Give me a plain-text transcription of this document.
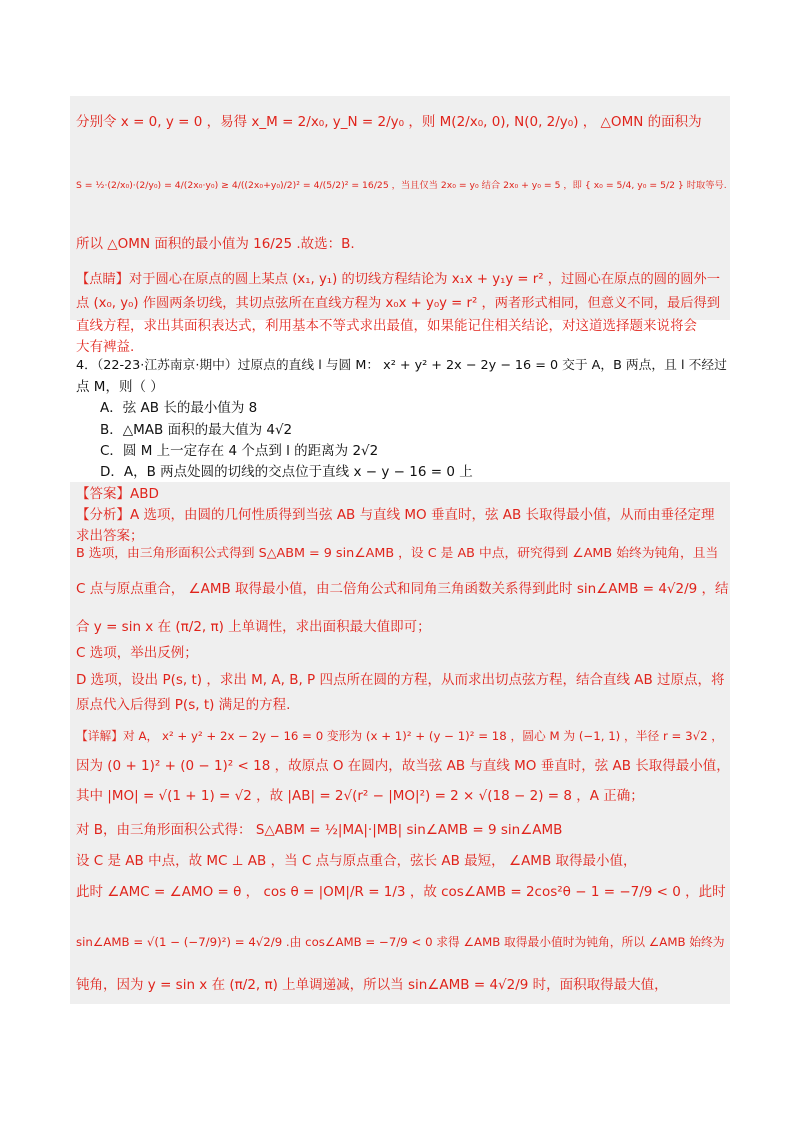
分别令 x = 0, y = 0 ，易得 x_M = 2/x₀, y_N = 2/y₀ ，则 M(2/x₀, 0), N(0, 2/y₀) ， △OMN 的面积为
S = ½·(2/x₀)·(2/y₀) = 4/(2x₀·y₀) ≥ 4/((2x₀+y₀)/2)² = 4/(5/2)² = 16/25 ，当且仅当 2x₀ = y₀ 结合 2x₀ + y₀ = 5 ，即 { x₀ = 5/4, y₀ = 5/2 } 时取等号.
所以 △OMN 面积的最小值为 16/25 .故选：B.
【点睛】对于圆心在原点的圆上某点 (x₁, y₁) 的切线方程结论为 x₁x + y₁y = r² ，过圆心在原点的圆的圆外一
点 (x₀, y₀) 作圆两条切线，其切点弦所在直线方程为 x₀x + y₀y = r² ，两者形式相同，但意义不同，最后得到
直线方程，求出其面积表达式，利用基本不等式求出最值，如果能记住相关结论，对这道选择题来说将会
大有裨益.
4．（22-23·江苏南京·期中）过原点的直线 l 与圆 M： x² + y² + 2x − 2y − 16 = 0 交于 A，B 两点，且 l 不经过
点 M，则（ ）
A．弦 AB 长的最小值为 8
B．△MAB 面积的最大值为 4√2
C．圆 M 上一定存在 4 个点到 l 的距离为 2√2
D．A，B 两点处圆的切线的交点位于直线 x − y − 16 = 0 上
【答案】ABD
【分析】A 选项，由圆的几何性质得到当弦 AB 与直线 MO 垂直时，弦 AB 长取得最小值，从而由垂径定理
求出答案；
B 选项，由三角形面积公式得到 S△ABM = 9 sin∠AMB ，设 C 是 AB 中点，研究得到 ∠AMB 始终为钝角，且当
C 点与原点重合， ∠AMB 取得最小值，由二倍角公式和同角三角函数关系得到此时 sin∠AMB = 4√2/9 ，结
合 y = sin x 在 (π/2, π) 上单调性，求出面积最大值即可；
C 选项，举出反例；
D 选项，设出 P(s, t) ，求出 M, A, B, P 四点所在圆的方程，从而求出切点弦方程，结合直线 AB 过原点，将
原点代入后得到 P(s, t) 满足的方程.
【详解】对 A， x² + y² + 2x − 2y − 16 = 0 变形为 (x + 1)² + (y − 1)² = 18 ，圆心 M 为 (−1, 1) ，半径 r = 3√2 ，
因为 (0 + 1)² + (0 − 1)² < 18 ，故原点 O 在圆内，故当弦 AB 与直线 MO 垂直时，弦 AB 长取得最小值，
其中 |MO| = √(1 + 1) = √2 ，故 |AB| = 2√(r² − |MO|²) = 2 × √(18 − 2) = 8 ，A 正确；
对 B，由三角形面积公式得： S△ABM = ½|MA|·|MB| sin∠AMB = 9 sin∠AMB
设 C 是 AB 中点，故 MC ⊥ AB ，当 C 点与原点重合，弦长 AB 最短， ∠AMB 取得最小值，
此时 ∠AMC = ∠AMO = θ ， cos θ = |OM|/R = 1/3 ，故 cos∠AMB = 2cos²θ − 1 = −7/9 < 0 ，此时
sin∠AMB = √(1 − (−7/9)²) = 4√2/9 .由 cos∠AMB = −7/9 < 0 求得 ∠AMB 取得最小值时为钝角，所以 ∠AMB 始终为
钝角，因为 y = sin x 在 (π/2, π) 上单调递减，所以当 sin∠AMB = 4√2/9 时，面积取得最大值，
